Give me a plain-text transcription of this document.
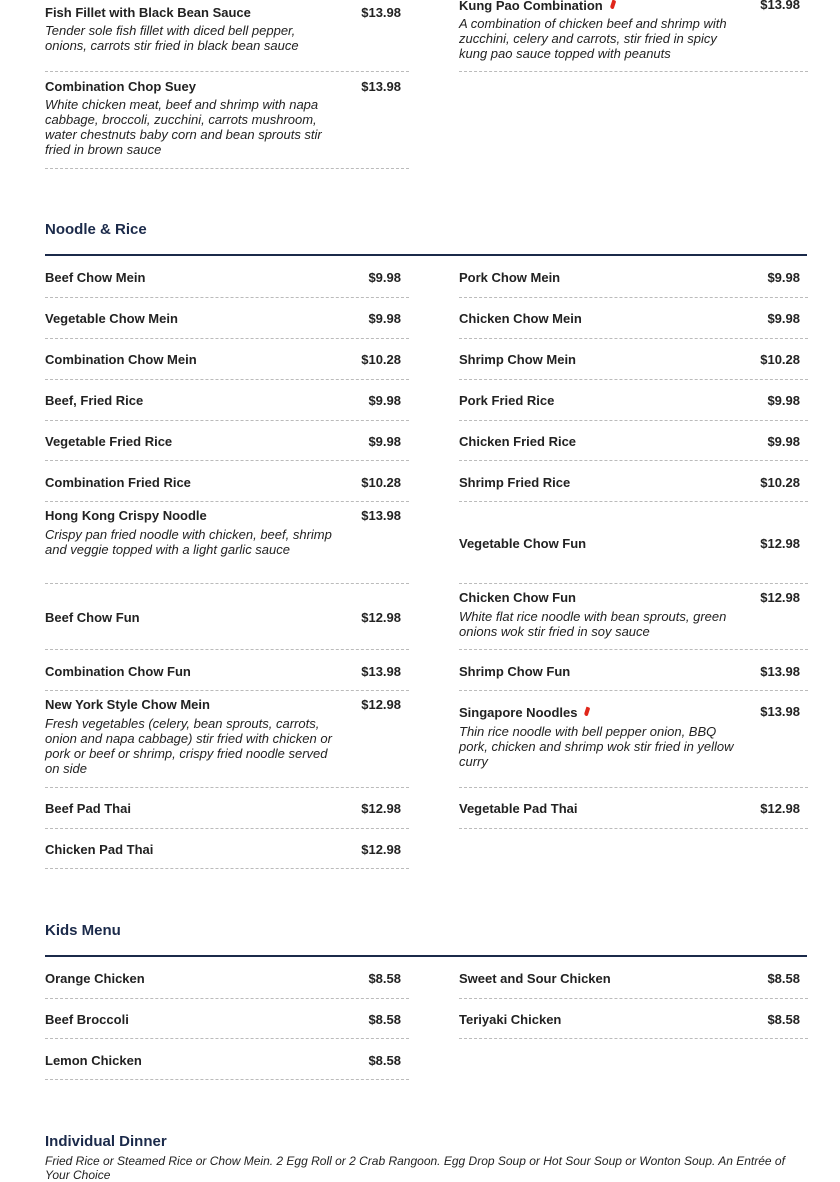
Fish Fillet with Black Bean Sauce	$13.98
Tender sole fish fillet with diced bell pepper, onions, carrots stir fried in black bean sauce
Combination Chop Suey	$13.98
White chicken meat, beef and shrimp with napa cabbage, broccoli, zucchini, carrots mushroom, water chestnuts baby corn and bean sprouts stir fried in brown sauce
Kung Pao Combination	$13.98
A combination of chicken beef and shrimp with zucchini, celery and carrots, stir fried in spicy kung pao sauce topped with peanuts
Noodle & Rice
Beef Chow Mein	$9.98
Vegetable Chow Mein	$9.98
Combination Chow Mein	$10.28
Beef, Fried Rice	$9.98
Vegetable Fried Rice	$9.98
Combination Fried Rice	$10.28
Hong Kong Crispy Noodle	$13.98
Crispy pan fried noodle with chicken, beef, shrimp and veggie topped with a light garlic sauce
Beef Chow Fun	$12.98
Combination Chow Fun	$13.98
New York Style Chow Mein	$12.98
Fresh vegetables (celery, bean sprouts, carrots, onion and napa cabbage) stir fried with chicken or pork or beef or shrimp, crispy fried noodle served on side
Beef Pad Thai	$12.98
Chicken Pad Thai	$12.98
Pork Chow Mein	$9.98
Chicken Chow Mein	$9.98
Shrimp Chow Mein	$10.28
Pork Fried Rice	$9.98
Chicken Fried Rice	$9.98
Shrimp Fried Rice	$10.28
Vegetable Chow Fun	$12.98
Chicken Chow Fun	$12.98
White flat rice noodle with bean sprouts, green onions wok stir fried in soy sauce
Shrimp Chow Fun	$13.98
Singapore Noodles	$13.98
Thin rice noodle with bell pepper onion, BBQ pork, chicken and shrimp wok stir fried in yellow curry
Vegetable Pad Thai	$12.98
Kids Menu
Orange Chicken	$8.58
Beef Broccoli	$8.58
Lemon Chicken	$8.58
Sweet and Sour Chicken	$8.58
Teriyaki Chicken	$8.58
Individual Dinner
Fried Rice or Steamed Rice or Chow Mein. 2 Egg Roll or 2 Crab Rangoon. Egg Drop Soup or Hot Sour Soup or Wonton Soup. An Entrée of Your Choice
